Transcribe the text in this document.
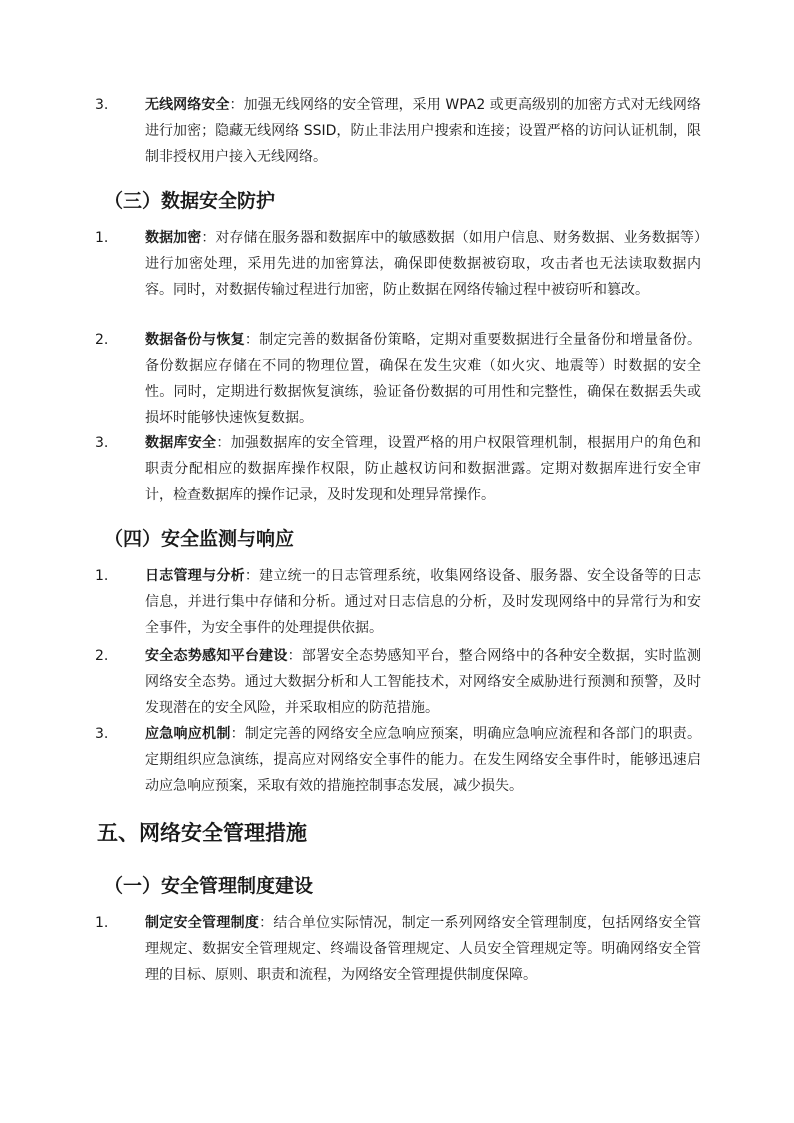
3.	无线网络安全：加强无线网络的安全管理，采用 WPA2 或更高级别的加密方式对无线网络进行加密；隐藏无线网络 SSID，防止非法用户搜索和连接；设置严格的访问认证机制，限制非授权用户接入无线网络。
（三）数据安全防护
1.	数据加密：对存储在服务器和数据库中的敏感数据（如用户信息、财务数据、业务数据等）进行加密处理，采用先进的加密算法，确保即使数据被窃取，攻击者也无法读取数据内容。同时，对数据传输过程进行加密，防止数据在网络传输过程中被窃听和篡改。
2.	数据备份与恢复：制定完善的数据备份策略，定期对重要数据进行全量备份和增量备份。备份数据应存储在不同的物理位置，确保在发生灾难（如火灾、地震等）时数据的安全性。同时，定期进行数据恢复演练，验证备份数据的可用性和完整性，确保在数据丢失或损坏时能够快速恢复数据。
3.	数据库安全：加强数据库的安全管理，设置严格的用户权限管理机制，根据用户的角色和职责分配相应的数据库操作权限，防止越权访问和数据泄露。定期对数据库进行安全审计，检查数据库的操作记录，及时发现和处理异常操作。
（四）安全监测与响应
1.	日志管理与分析：建立统一的日志管理系统，收集网络设备、服务器、安全设备等的日志信息，并进行集中存储和分析。通过对日志信息的分析，及时发现网络中的异常行为和安全事件，为安全事件的处理提供依据。
2.	安全态势感知平台建设：部署安全态势感知平台，整合网络中的各种安全数据，实时监测网络安全态势。通过大数据分析和人工智能技术，对网络安全威胁进行预测和预警，及时发现潜在的安全风险，并采取相应的防范措施。
3.	应急响应机制：制定完善的网络安全应急响应预案，明确应急响应流程和各部门的职责。定期组织应急演练，提高应对网络安全事件的能力。在发生网络安全事件时，能够迅速启动应急响应预案，采取有效的措施控制事态发展，减少损失。
五、网络安全管理措施
（一）安全管理制度建设
1.	制定安全管理制度：结合单位实际情况，制定一系列网络安全管理制度，包括网络安全管理规定、数据安全管理规定、终端设备管理规定、人员安全管理规定等。明确网络安全管理的目标、原则、职责和流程，为网络安全管理提供制度保障。
